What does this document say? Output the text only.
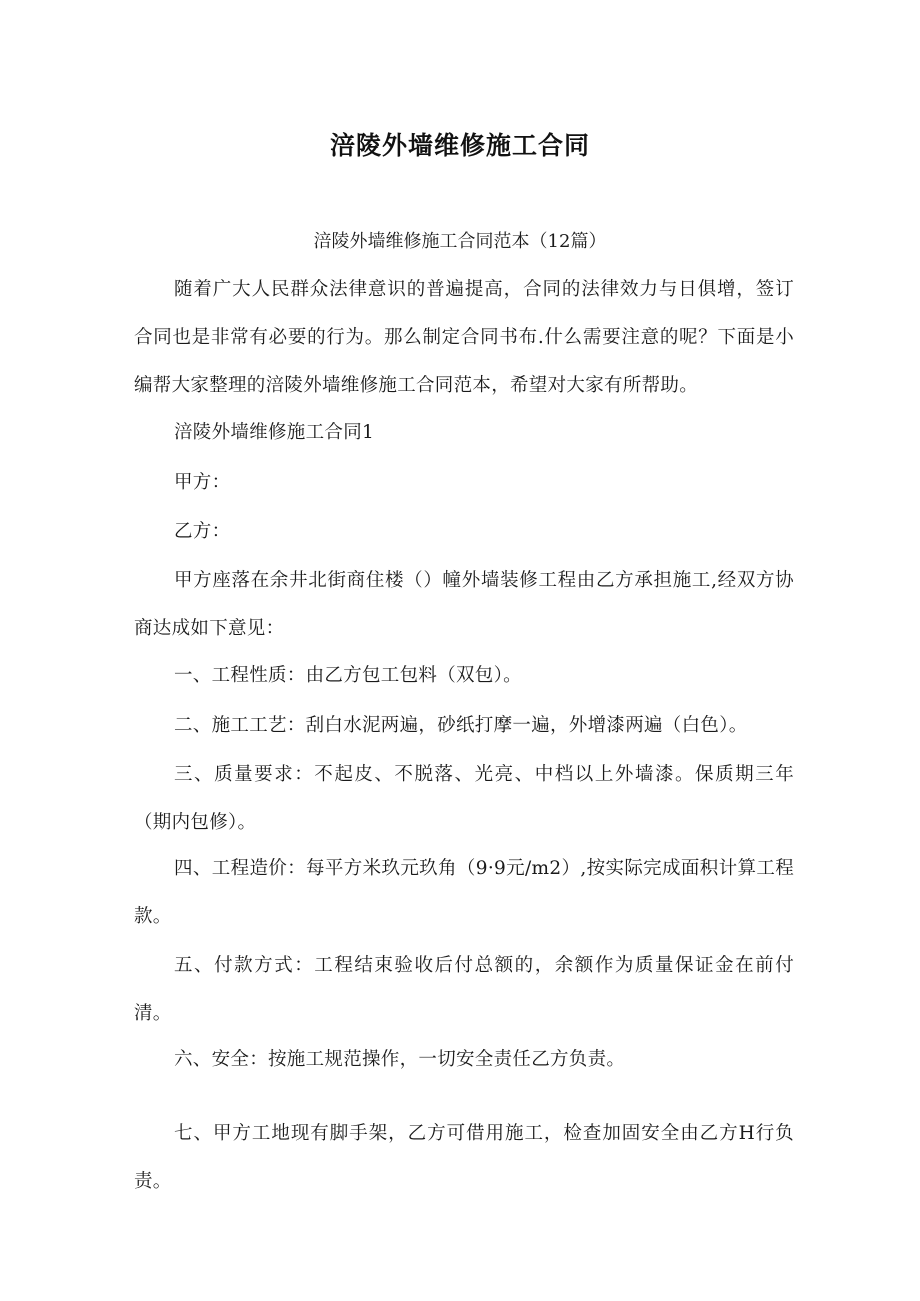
涪陵外墙维修施工合同
涪陵外墙维修施工合同范本（12篇）
随着广大人民群众法律意识的普遍提高，合同的法律效力与日俱增，签订合同也是非常有必要的行为。那么制定合同书布.什么需要注意的呢？下面是小编帮大家整理的涪陵外墙维修施工合同范本，希望对大家有所帮助。
涪陵外墙维修施工合同1
甲方：
乙方：
甲方座落在余井北街商住楼（）幢外墙装修工程由乙方承担施工,经双方协商达成如下意见：
一、工程性质：由乙方包工包料（双包）。
二、施工工艺：刮白水泥两遍，砂纸打摩一遍，外增漆两遍（白色）。
三、质量要求：不起皮、不脱落、光亮、中档以上外墙漆。保质期三年（期内包修）。
四、工程造价：每平方米玖元玖角（9·9元/m2）,按实际完成面积计算工程款。
五、付款方式：工程结束验收后付总额的，余额作为质量保证金在前付清。
六、安全：按施工规范操作，一切安全责任乙方负责。
七、甲方工地现有脚手架，乙方可借用施工，检查加固安全由乙方H行负责。
